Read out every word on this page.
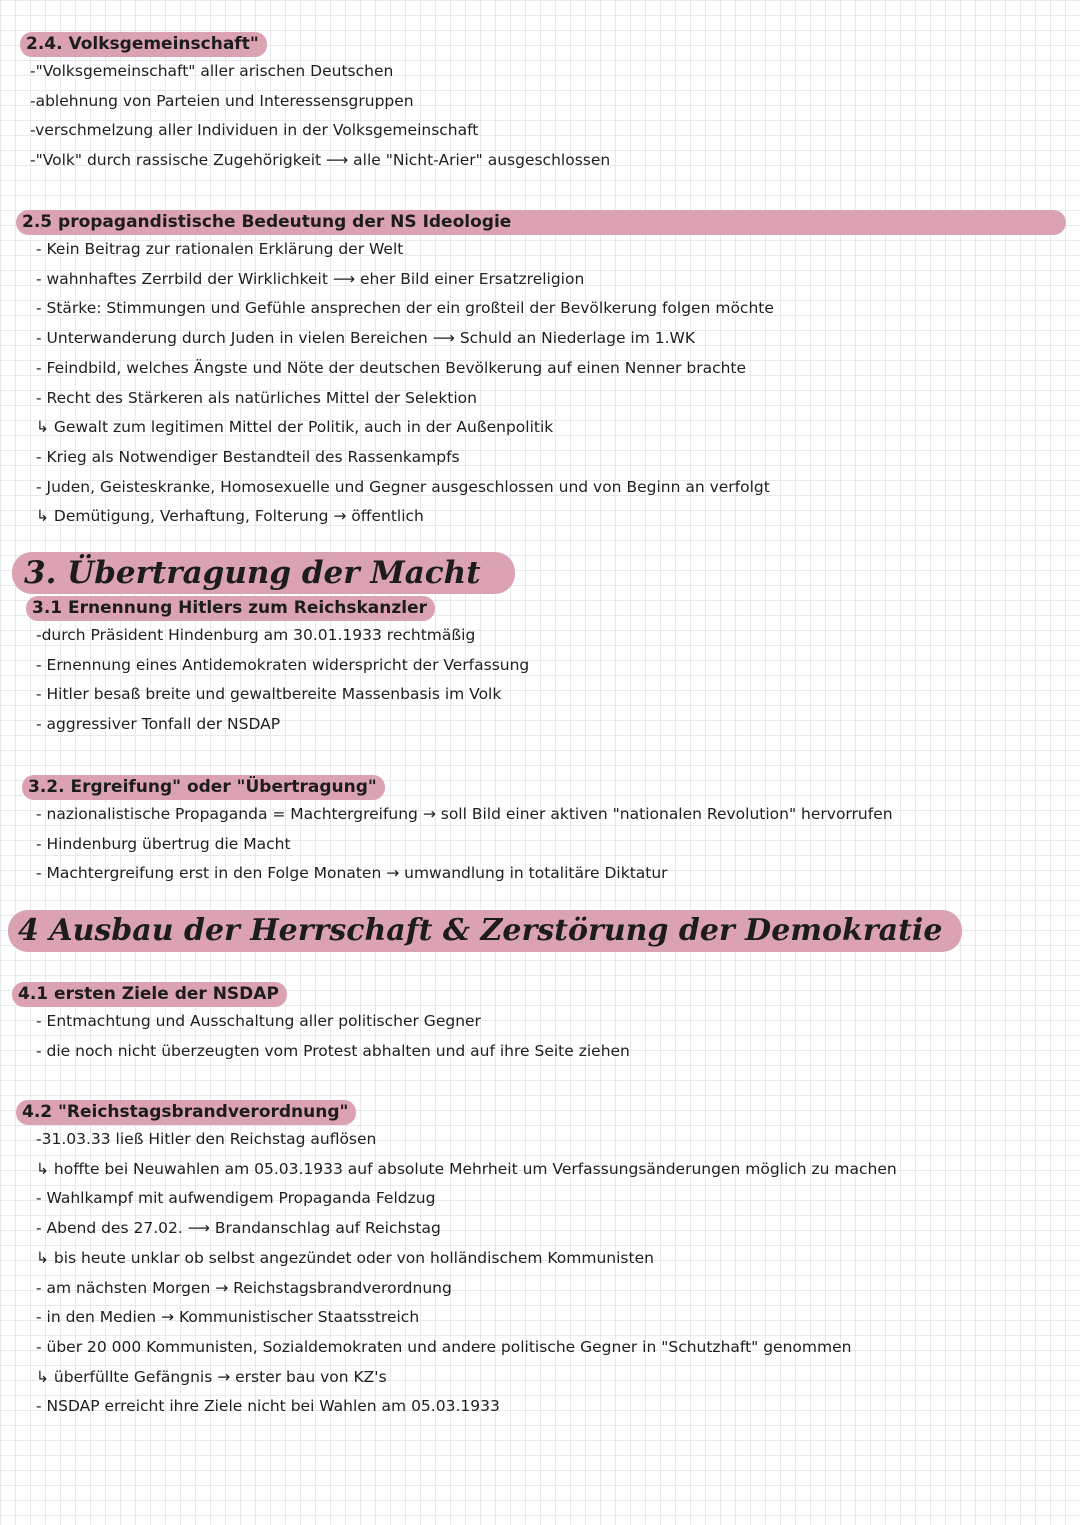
2.4. Volksgemeinschaft"
-"Volksgemeinschaft" aller arischen Deutschen
-ablehnung von Parteien und Interessensgruppen
-verschmelzung aller Individuen in der Volksgemeinschaft
-"Volk" durch rassische Zugehörigkeit ⟶ alle "Nicht-Arier" ausgeschlossen
2.5 propagandistische Bedeutung der NS Ideologie
- Kein Beitrag zur rationalen Erklärung der Welt
- wahnhaftes Zerrbild der Wirklichkeit ⟶ eher Bild einer Ersatzreligion
- Stärke: Stimmungen und Gefühle ansprechen der ein großteil der Bevölkerung folgen möchte
- Unterwanderung durch Juden in vielen Bereichen ⟶ Schuld an Niederlage im 1.WK
- Feindbild, welches Ängste und Nöte der deutschen Bevölkerung auf einen Nenner brachte
- Recht des Stärkeren als natürliches Mittel der Selektion
↳ Gewalt zum legitimen Mittel der Politik, auch in der Außenpolitik
- Krieg als Notwendiger Bestandteil des Rassenkampfs
- Juden, Geisteskranke, Homosexuelle und Gegner ausgeschlossen und von Beginn an verfolgt
↳ Demütigung, Verhaftung, Folterung → öffentlich
3. Übertragung der Macht
3.1 Ernennung Hitlers zum Reichskanzler
-durch Präsident Hindenburg am 30.01.1933 rechtmäßig
- Ernennung eines Antidemokraten widerspricht der Verfassung
- Hitler besaß breite und gewaltbereite Massenbasis im Volk
- aggressiver Tonfall der NSDAP
3.2. Ergreifung" oder "Übertragung"
- nazionalistische Propaganda = Machtergreifung → soll Bild einer aktiven "nationalen Revolution" hervorrufen
- Hindenburg übertrug die Macht
- Machtergreifung erst in den Folge Monaten → umwandlung in totalitäre Diktatur
4 Ausbau der Herrschaft & Zerstörung der Demokratie
4.1 ersten Ziele der NSDAP
- Entmachtung und Ausschaltung aller politischer Gegner
- die noch nicht überzeugten vom Protest abhalten und auf ihre Seite ziehen
4.2 "Reichstagsbrandverordnung"
-31.03.33 ließ Hitler den Reichstag auflösen
↳ hoffte bei Neuwahlen am 05.03.1933 auf absolute Mehrheit um Verfassungsänderungen möglich zu machen
- Wahlkampf mit aufwendigem Propaganda Feldzug
- Abend des 27.02. ⟶ Brandanschlag auf Reichstag
↳ bis heute unklar ob selbst angezündet oder von holländischem Kommunisten
- am nächsten Morgen → Reichstagsbrandverordnung
- in den Medien → Kommunistischer Staatsstreich
- über 20 000 Kommunisten, Sozialdemokraten und andere politische Gegner in "Schutzhaft" genommen
↳ überfüllte Gefängnis → erster bau von KZ's
- NSDAP erreicht ihre Ziele nicht bei Wahlen am 05.03.1933
